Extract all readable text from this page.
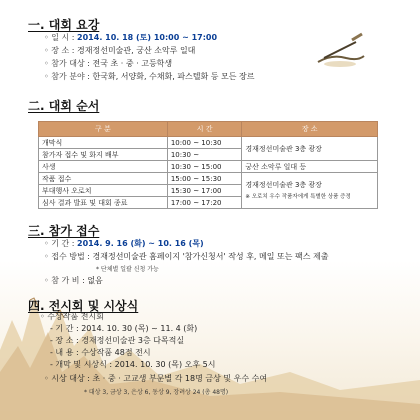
一. 대회 요강
◦ 일 시 : 2014. 10. 18 (토) 10:00 ~ 17:00
◦ 장 소 : 경재정선미술관, 궁산 소악루 일대
◦ 참가 대상 : 전국 초 · 중 · 고등학생
◦ 참가 분야 : 한국화, 서양화, 수채화, 파스텔화 등 모든 장르
二. 대회 순서
구 분	시 간	장 소
개막식	10:00 ~ 10:30	경재정선미술관 3층 광장
참가자 접수 및 화지 배부	10:30 ~	
사생	10:30 ~ 15:00	궁산 소악루 일대 등
작품 접수	15:00 ~ 15:30	경재정선미술관 3층 광장
※ 오로치 우수 작품자에게 특별한 상품 증정

부대행사 오로치	15:30 ~ 17:00	
심사 결과 발표 및 대회 종료	17:00 ~ 17:20	
三. 참가 접수
◦ 기 간 : 2014. 9. 16 (화) ~ 10. 16 (목)
◦ 접수 방법 : 경재정선미술관 홈페이지 '참가신청서' 작성 후, 메일 또는 팩스 제출
* 단체별 일괄 신청 가능
◦ 참 가 비 : 없음
四. 전시회 및 시상식
◦ 수상작품 전시회
- 기 간 : 2014. 10. 30 (목) ~ 11. 4 (화)
- 장 소 : 경재정선미술관 3층 다목적실
- 내 용 : 수상작품 48점 전시
- 개막 및 시상식 : 2014. 10. 30 (목) 오후 5시
◦ 시상 대상 : 초 · 중 · 고교생 부문별 각 18명 금상 및 우수 수여
* 대상 3, 금상 3, 은상 6, 동상 9, 장려상 24 (총 48명)
